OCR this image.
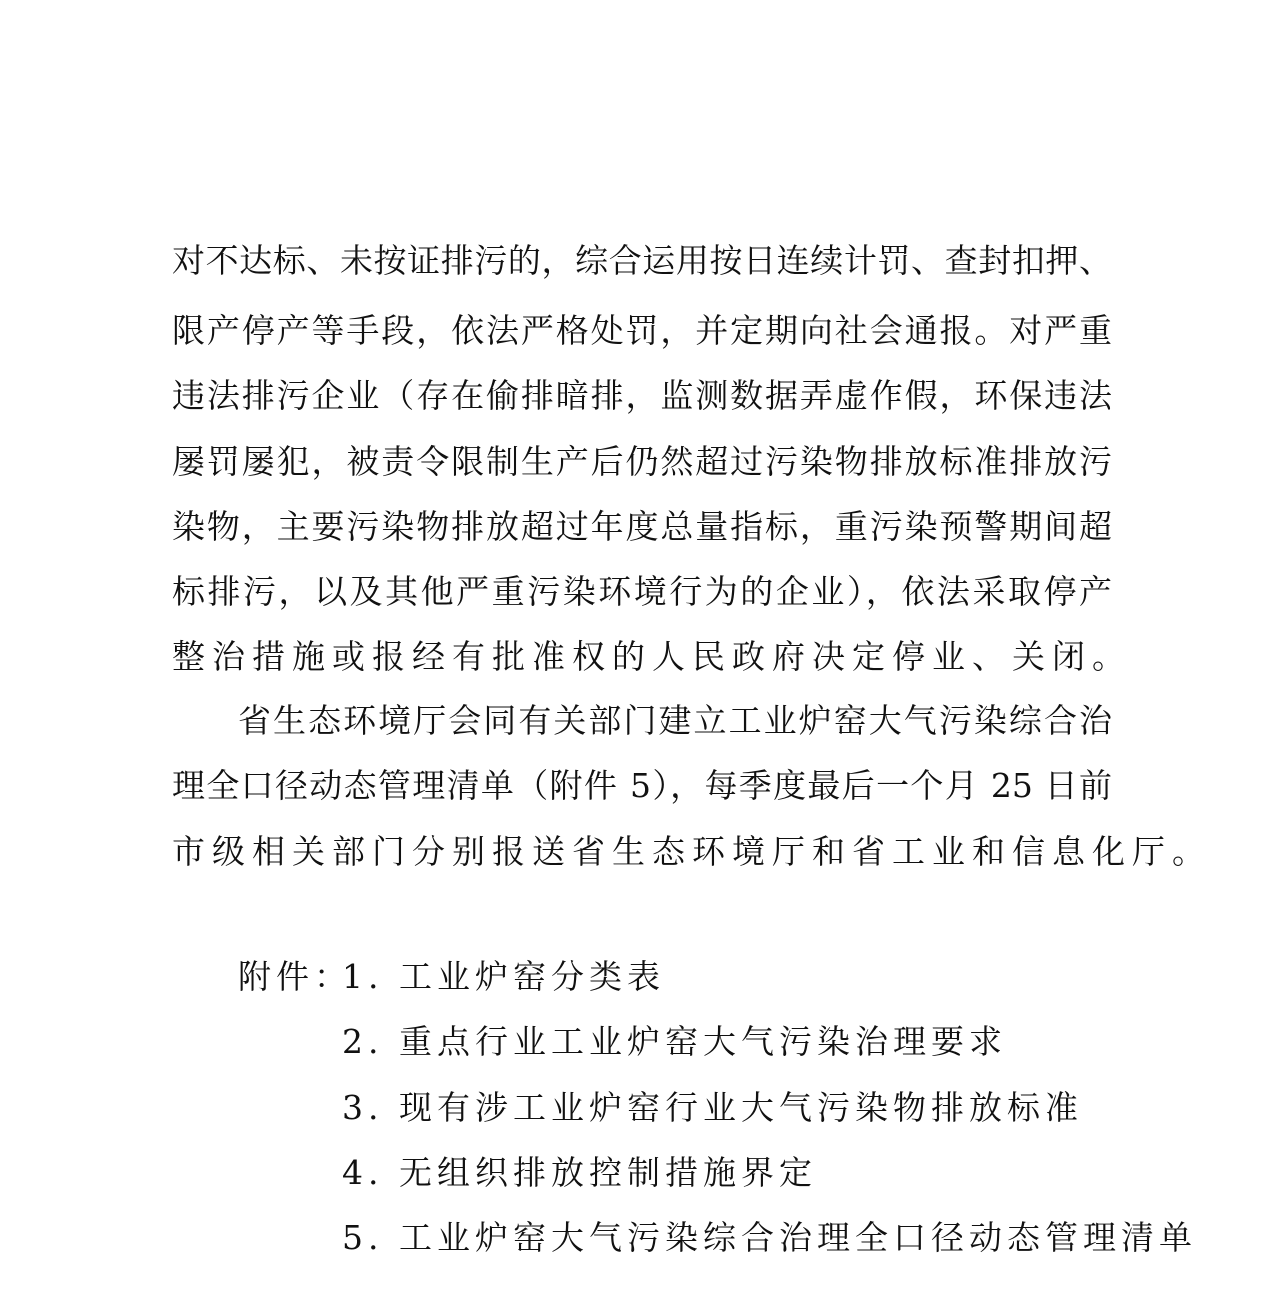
对不达标、未按证排污的，综合运用按日连续计罚、查封扣押、
限产停产等手段，依法严格处罚，并定期向社会通报。对严重
违法排污企业（存在偷排暗排，监测数据弄虚作假，环保违法
屡罚屡犯，被责令限制生产后仍然超过污染物排放标准排放污
染物，主要污染物排放超过年度总量指标，重污染预警期间超
标排污，以及其他严重污染环境行为的企业），依法采取停产
整治措施或报经有批准权的人民政府决定停业、关闭。
省生态环境厅会同有关部门建立工业炉窑大气污染综合治
理全口径动态管理清单（附件 5），每季度最后一个月 25 日前
市级相关部门分别报送省生态环境厅和省工业和信息化厅。
附件：
1. 工业炉窑分类表
2. 重点行业工业炉窑大气污染治理要求
3. 现有涉工业炉窑行业大气污染物排放标准
4. 无组织排放控制措施界定
5. 工业炉窑大气污染综合治理全口径动态管理清单
